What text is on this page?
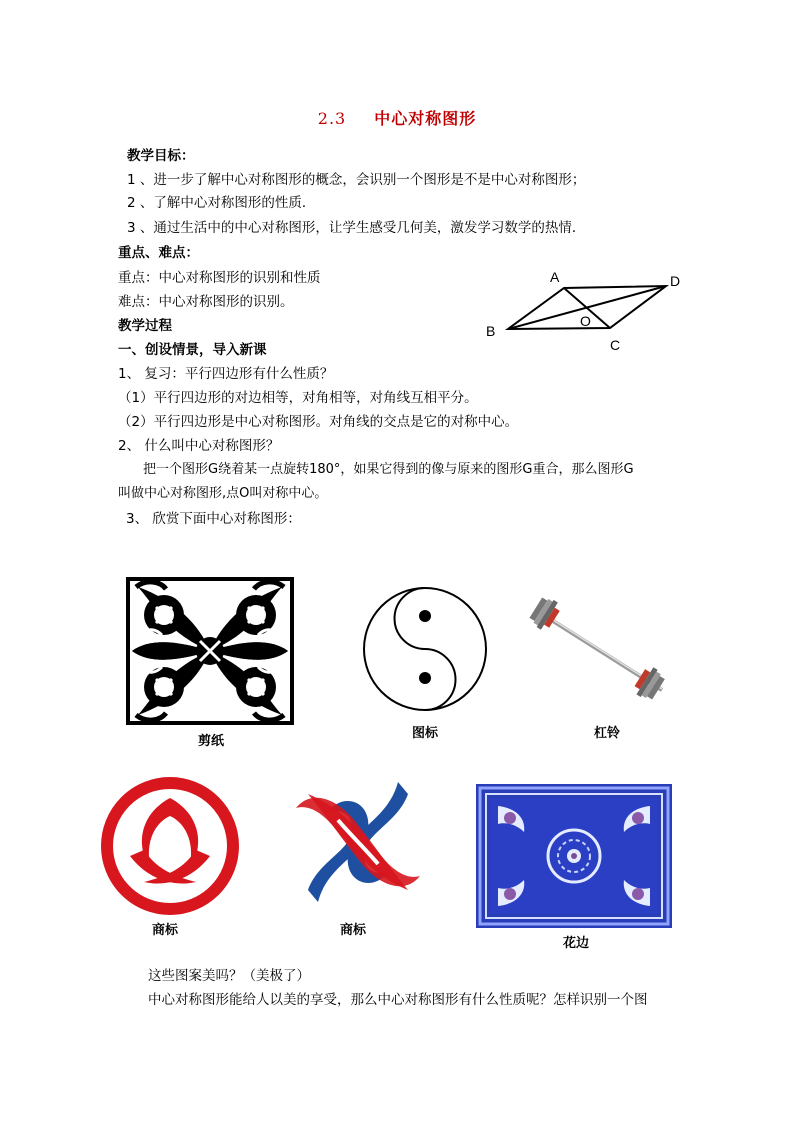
2.3 中心对称图形
教学目标：
1 、进一步了解中心对称图形的概念，会识别一个图形是不是中心对称图形；
2 、了解中心对称图形的性质．
3 、通过生活中的中心对称图形，让学生感受几何美，激发学习数学的热情．
重点、难点：
重点：中心对称图形的识别和性质
难点：中心对称图形的识别。
教学过程
一、创设情景，导入新课
1、 复习：平行四边形有什么性质？
（1）平行四边形的对边相等，对角相等，对角线互相平分。
（2）平行四边形是中心对称图形。对角线的交点是它的对称中心。
2、 什么叫中心对称图形？
把一个图形G绕着某一点旋转180°，如果它得到的像与原来的图形G重合，那么图形G
叫做中心对称图形,点O叫对称中心。
3、 欣赏下面中心对称图形：
A	D
O
B
C
剪纸
图标	杠铃
商标	商标
花边
这些图案美吗？（美极了）
中心对称图形能给人以美的享受，那么中心对称图形有什么性质呢？怎样识别一个图
